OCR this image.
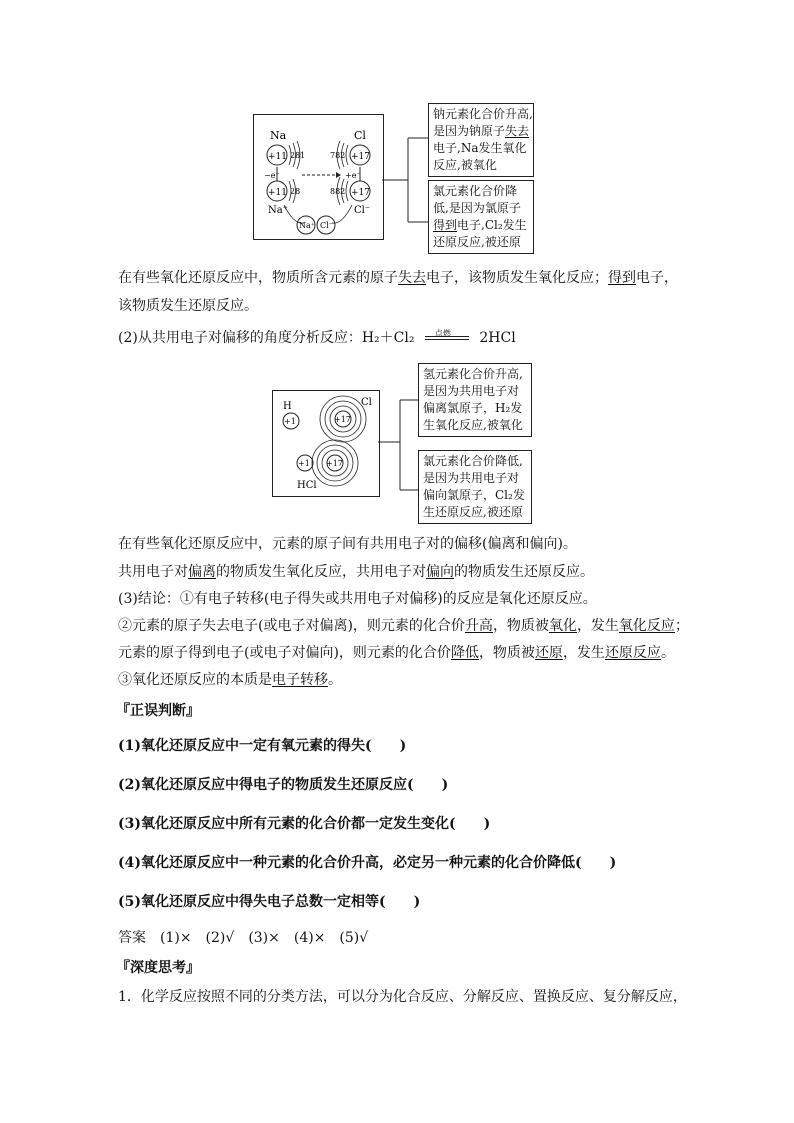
Na	Cl
+11 281	+17
782
−e⁻	+e⁻
+11 28	+17
882
Na⁺	Cl⁻
Na⁺ Cl⁻
钠元素化合价升高,
是因为钠原子失去
电子,Na发生氧化
反应,被氧化
氯元素化合价降
低,是因为氯原子
得到电子,Cl₂发生
还原反应,被还原
在有些氧化还原反应中，物质所含元素的原子失去电子，该物质发生氧化反应；得到电子，
该物质发生还原反应。
(2)从共用电子对偏移的角度分析反应：H₂＋Cl₂	点燃 2HCl
H	Cl
+1	+17
+1 +17
HCl
氢元素化合价升高,
是因为共用电子对
偏离氯原子，H₂发
生氧化反应,被氧化
氯元素化合价降低,
是因为共用电子对
偏向氯原子，Cl₂发
生还原反应,被还原
在有些氧化还原反应中，元素的原子间有共用电子对的偏移(偏离和偏向)。
共用电子对偏离的物质发生氧化反应，共用电子对偏向的物质发生还原反应。
(3)结论：①有电子转移(电子得失或共用电子对偏移)的反应是氧化还原反应。
②元素的原子失去电子(或电子对偏离)，则元素的化合价升高，物质被氧化，发生氧化反应；
元素的原子得到电子(或电子对偏向)，则元素的化合价降低，物质被还原，发生还原反应。
③氧化还原反应的本质是电子转移。
『 正误判断 』
(1)氧化还原反应中一定有氧元素的得失(　　)
(2)氧化还原反应中得电子的物质发生还原反应(　　)
(3)氧化还原反应中所有元素的化合价都一定发生变化(　　)
(4)氧化还原反应中一种元素的化合价升高，必定另一种元素的化合价降低(　　)
(5)氧化还原反应中得失电子总数一定相等(　　)
答案　(1)×　(2)√　(3)×　(4)×　(5)√
『 深度思考 』
1．化学反应按照不同的分类方法，可以分为化合反应、分解反应、置换反应、复分解反应，
